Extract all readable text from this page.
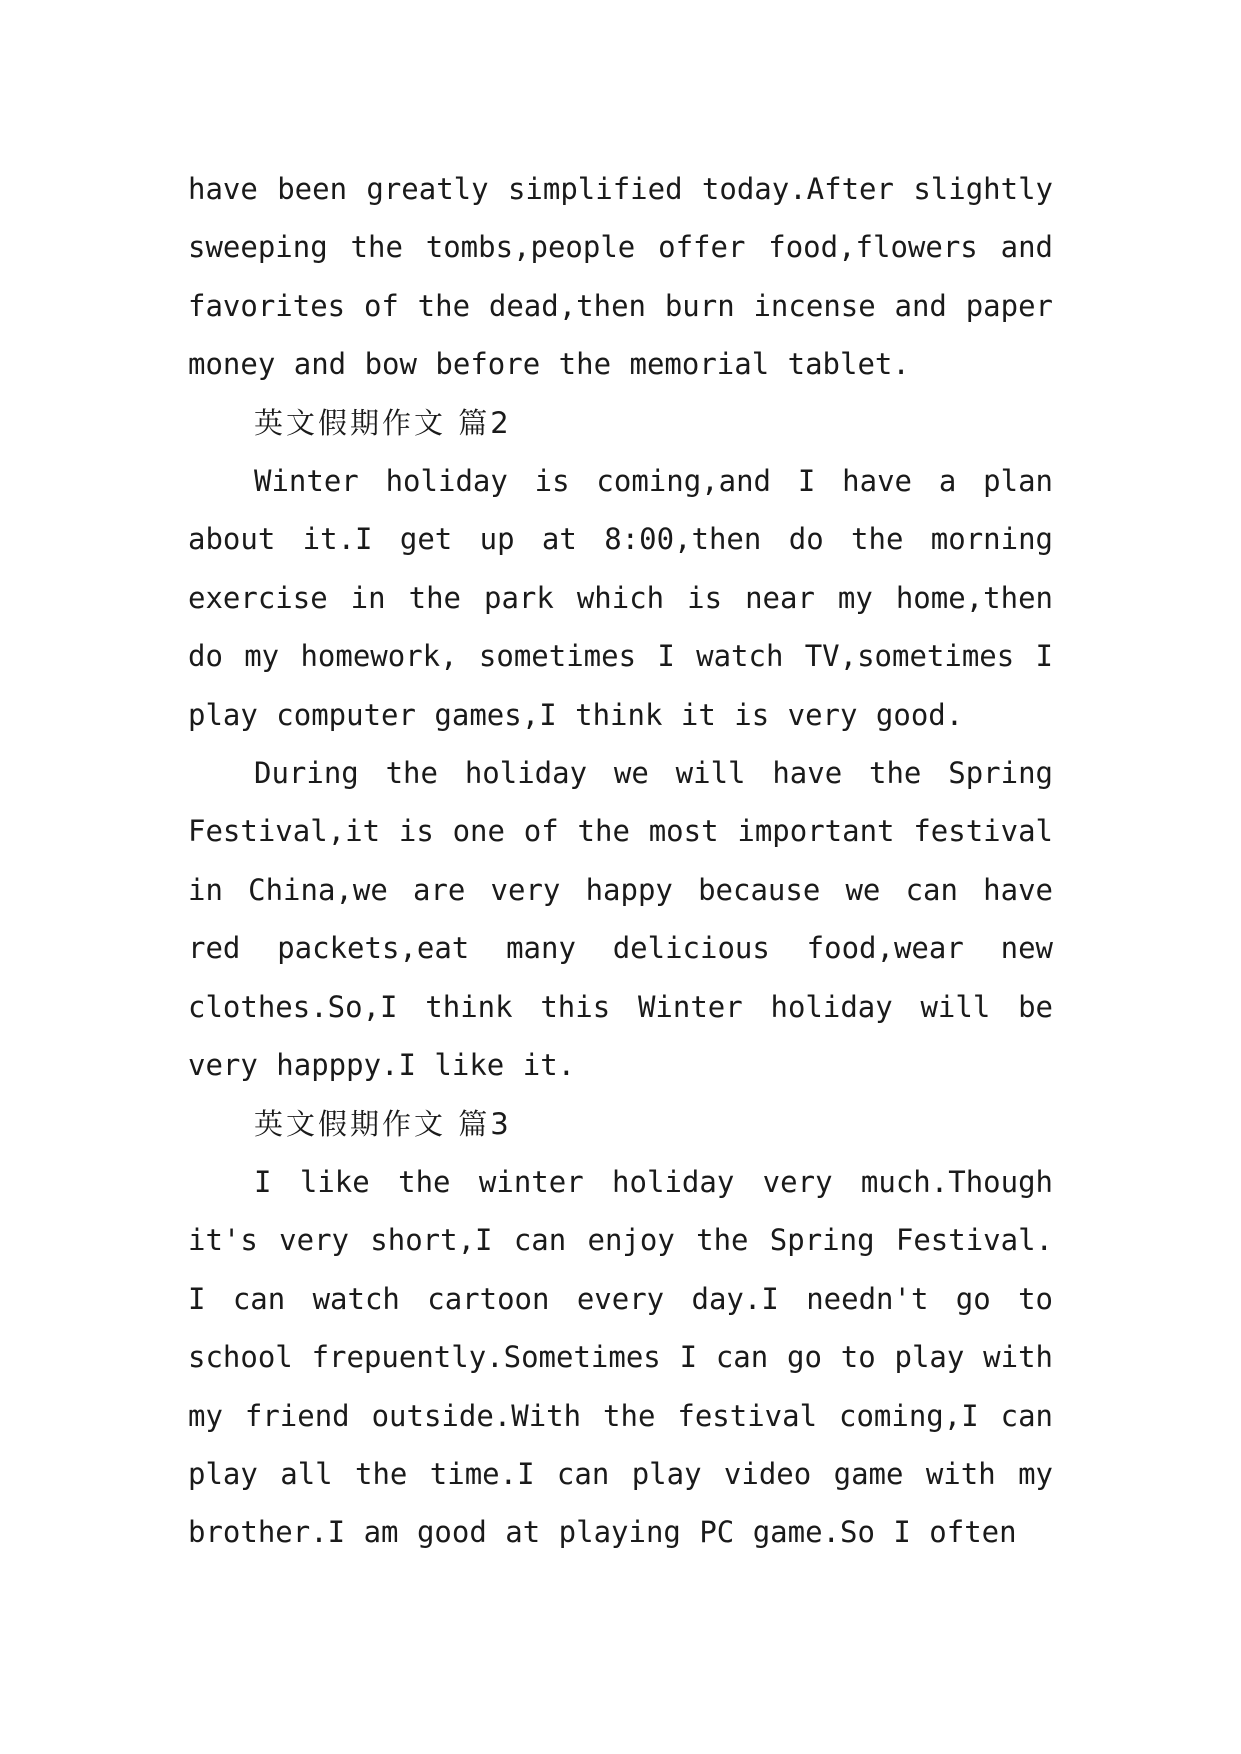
have been greatly simplified today.After slightly sweeping the tombs,people offer food,flowers and favorites of the dead,then burn incense and paper money and bow before the memorial tablet.

英文假期作文 篇2

Winter holiday is coming,and I have a plan about it.I get up at 8:00,then do the morning exercise in the park which is near my home,then do my homework, sometimes I watch TV,sometimes I play computer games,I think it is very good.

During the holiday we will have the Spring Festival,it is one of the most important festival in China,we are very happy because we can have red packets,eat many delicious food,wear new clothes.So,I think this Winter holiday will be very happpy.I like it.

英文假期作文 篇3

I like the winter holiday very much.Though it's very short,I can enjoy the Spring Festival. I can watch cartoon every day.I needn't go to school frepuently.Sometimes I can go to play with my friend outside.With the festival coming,I can play all the time.I can play video game with my brother.I am good at playing PC game.So I often
